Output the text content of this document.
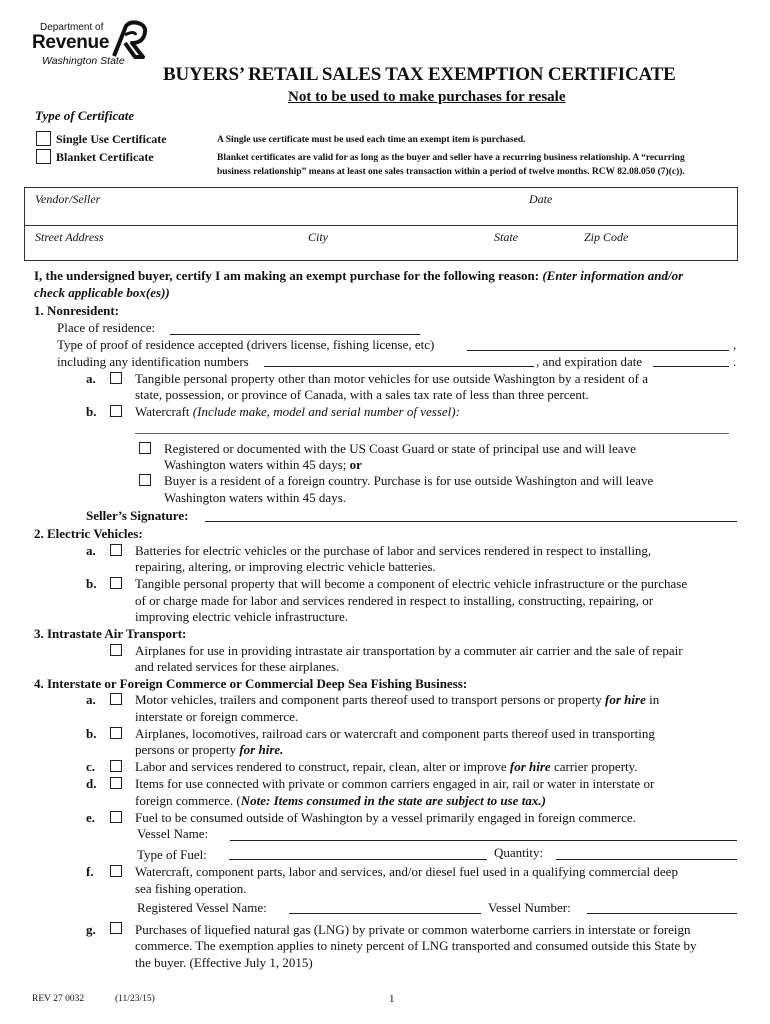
Department of
Revenue
Washington State
BUYERS’ RETAIL SALES TAX EXEMPTION CERTIFICATE
Not to be used to make purchases for resale
Type of Certificate
Single Use Certificate	A Single use certificate must be used each time an exempt item is purchased.
Blanket Certificate	Blanket certificates are valid for as long as the buyer and seller have a recurring business relationship. A “recurring
business relationship” means at least one sales transaction within a period of twelve months. RCW 82.08.050 (7)(c)).
Vendor/Seller	Date
Street Address	City	State	Zip Code
I, the undersigned buyer, certify I am making an exempt purchase for the following reason: (Enter information and/or
check applicable box(es))
1. Nonresident:
Place of residence:
Type of proof of residence accepted (drivers license, fishing license, etc)	,
including any identification numbers	, and expiration date	.
a.	Tangible personal property other than motor vehicles for use outside Washington by a resident of a
state, possession, or province of Canada, with a sales tax rate of less than three percent.
b.	Watercraft (Include make, model and serial number of vessel):
Registered or documented with the US Coast Guard or state of principal use and will leave
Washington waters within 45 days; or
Buyer is a resident of a foreign country. Purchase is for use outside Washington and will leave
Washington waters within 45 days.
Seller’s Signature:
2. Electric Vehicles:
a.	Batteries for electric vehicles or the purchase of labor and services rendered in respect to installing,
repairing, altering, or improving electric vehicle batteries.
b.	Tangible personal property that will become a component of electric vehicle infrastructure or the purchase
of or charge made for labor and services rendered in respect to installing, constructing, repairing, or
improving electric vehicle infrastructure.
3. Intrastate Air Transport:
Airplanes for use in providing intrastate air transportation by a commuter air carrier and the sale of repair
and related services for these airplanes.
4. Interstate or Foreign Commerce or Commercial Deep Sea Fishing Business:
a.	Motor vehicles, trailers and component parts thereof used to transport persons or property for hire in
interstate or foreign commerce.
b.	Airplanes, locomotives, railroad cars or watercraft and component parts thereof used in transporting
persons or property for hire.
c.	Labor and services rendered to construct, repair, clean, alter or improve for hire carrier property.
d.	Items for use connected with private or common carriers engaged in air, rail or water in interstate or
foreign commerce. (Note: Items consumed in the state are subject to use tax.)
e.	Fuel to be consumed outside of Washington by a vessel primarily engaged in foreign commerce.
Vessel Name:
Type of Fuel:	Quantity:
f.	Watercraft, component parts, labor and services, and/or diesel fuel used in a qualifying commercial deep
sea fishing operation.
Registered Vessel Name:	Vessel Number:
g.	Purchases of liquefied natural gas (LNG) by private or common waterborne carriers in interstate or foreign
commerce. The exemption applies to ninety percent of LNG transported and consumed outside this State by
the buyer. (Effective July 1, 2015)
REV 27 0032	(11/23/15)	1
